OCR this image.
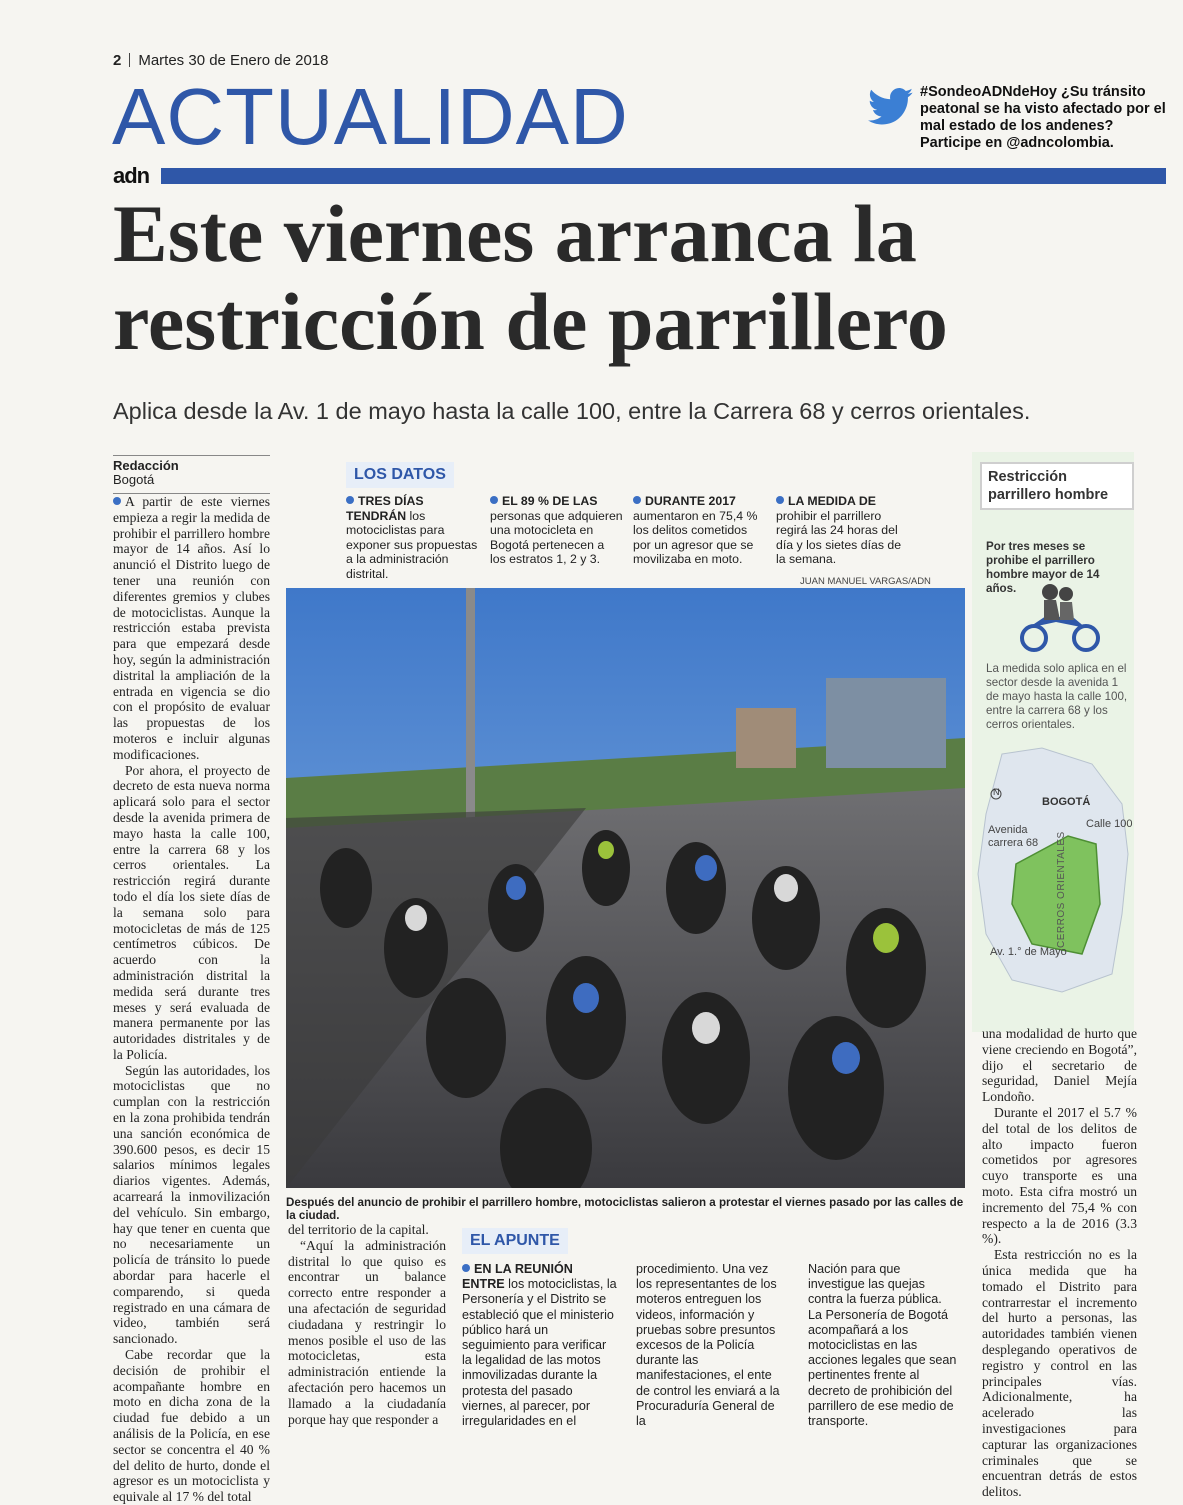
2 Martes 30 de Enero de 2018
ACTUALIDAD	#SondeoADNdeHoy ¿Su tránsito peatonal se ha visto afectado por el mal estado de los andenes? Participe en @adncolombia.
adn
Este viernes arranca la restricción de parrillero
Aplica desde la Av. 1 de mayo hasta la calle 100, entre la Carrera 68 y cerros orientales.
Redacción
Bogotá

A partir de este viernes empieza a regir la medida de prohibir el parrillero hombre mayor de 14 años. Así lo anunció el Distrito luego de tener una reunión con diferentes gremios y clubes de motociclistas. Aunque la restricción estaba prevista para que empezará desde hoy, según la administración distrital la ampliación de la entrada en vigencia se dio con el propósito de evaluar las propuestas de los moteros e incluir algunas modificaciones.

Por ahora, el proyecto de decreto de esta nueva norma aplicará solo para el sector desde la avenida primera de mayo hasta la calle 100, entre la carrera 68 y los cerros orientales. La restricción regirá durante todo el día los siete días de la semana solo para motocicletas de más de 125 centímetros cúbicos. De acuerdo con la administración distrital la medida será durante tres meses y será evaluada de manera permanente por las autoridades distritales y de la Policía.

Según las autoridades, los motociclistas que no cumplan con la restricción en la zona prohibida tendrán una sanción económica de 390.600 pesos, es decir 15 salarios mínimos legales diarios vigentes. Además, acarreará la inmovilización del vehículo. Sin embargo, hay que tener en cuenta que no necesariamente un policía de tránsito lo puede abordar para hacerle el comparendo, si queda registrado en una cámara de video, también será sancionado.

Cabe recordar que la decisión de prohibir el acompañante hombre en moto en dicha zona de la ciudad fue debido a un análisis de la Policía, en ese sector se concentra el 40 % del delito de hurto, donde el agresor es un motociclista y equivale al 17 % del total

LOS DATOS
TRES DÍAS TENDRÁN los motociclistas para exponer sus propuestas a la administración distrital.
EL 89 % DE LAS personas que adquieren una motocicleta en Bogotá pertenecen a los estratos 1, 2 y 3.
DURANTE 2017 aumentaron en 75,4 % los delitos cometidos por un agresor que se movilizaba en moto.
LA MEDIDA DE prohibir el parrillero regirá las 24 horas del día y los sietes días de la semana.
JUAN MANUEL VARGAS/ADN
Después del anuncio de prohibir el parrillero hombre, motociclistas salieron a protestar el viernes pasado por las calles de la ciudad.
Restricción parrillero hombre
Por tres meses se prohibe el parrillero hombre mayor de 14 años.
La medida solo aplica en el sector desde la avenida 1 de mayo hasta la calle 100, entre la carrera 68 y los cerros orientales.
N
BOGOTÁ
Calle 100
Avenida carrera 68
Av. 1.° de Mayo
CERROS ORIENTALES

del territorio de la capital.

“Aquí la administración distrital lo que quiso es encontrar un balance correcto entre responder a una afectación de seguridad ciudadana y restringir lo menos posible el uso de las motocicletas, esta administración entiende la afectación pero hacemos un llamado a la ciudadanía porque hay que responder a

EL APUNTE
EN LA REUNIÓN ENTRE los motociclistas, la Personería y el Distrito se estableció que el ministerio público hará un seguimiento para verificar la legalidad de las motos inmovilizadas durante la protesta del pasado viernes, al parecer, por irregularidades en el
procedimiento. Una vez los representantes de los moteros entreguen los videos, información y pruebas sobre presuntos excesos de la Policía durante las manifestaciones, el ente de control les enviará a la Procuraduría General de la
Nación para que investigue las quejas contra la fuerza pública. La Personería de Bogotá acompañará a los motociclistas en las acciones legales que sean pertinentes frente al decreto de prohibición del parrillero de ese medio de transporte.

una modalidad de hurto que viene creciendo en Bogotá”, dijo el secretario de seguridad, Daniel Mejía Londoño.

Durante el 2017 el 5.7 % del total de los delitos de alto impacto fueron cometidos por agresores cuyo transporte es una moto. Esta cifra mostró un incremento del 75,4 % con respecto a la de 2016 (3.3 %).

Esta restricción no es la única medida que ha tomado el Distrito para contrarrestar el incremento del hurto a personas, las autoridades también vienen desplegando operativos de registro y control en las principales vías. Adicionalmente, ha acelerado las investigaciones para capturar las organizaciones criminales que se encuentran detrás de estos delitos.
